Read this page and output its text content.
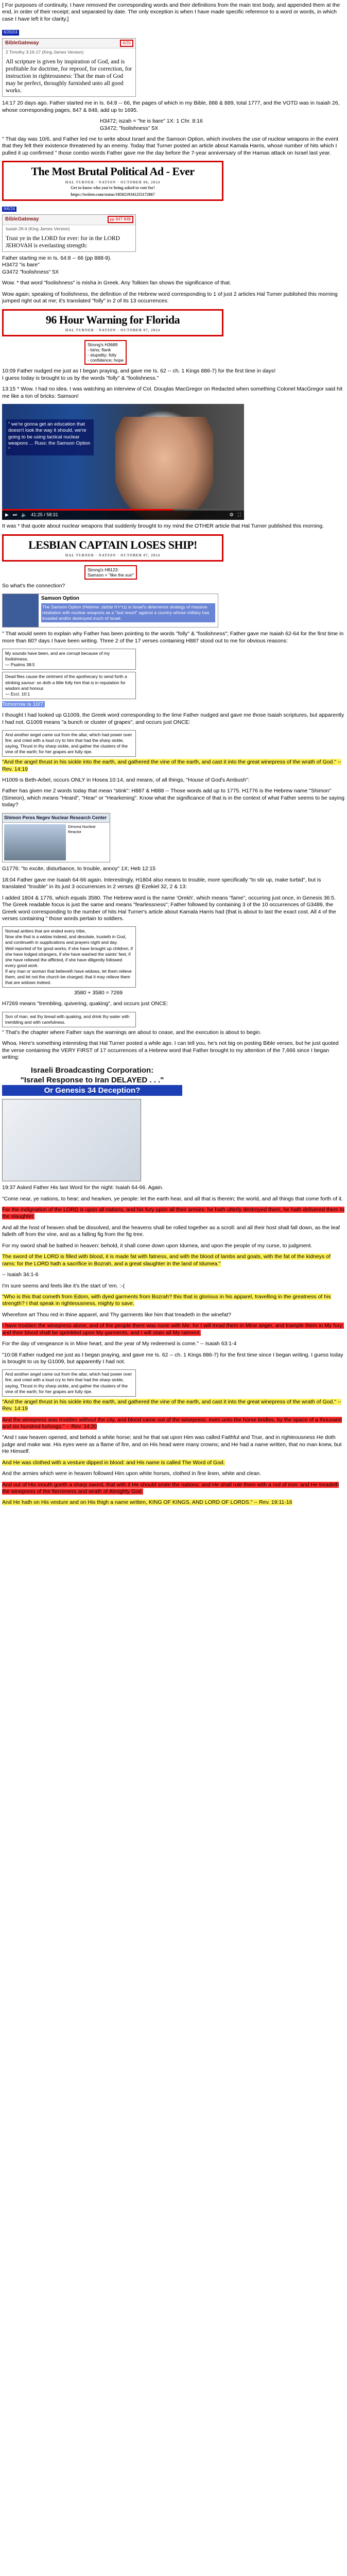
[ For purposes of continuity, I have removed the corresponding words and their definitions from the main text body, and appended them at the end, in order of their receipt; and separated by date. The only exception is when I have made specific reference to a word or words, in which case I have left it for clarity.]

6/20/24
BibleGateway	6/20
2 Timothy 3:16-17 (King James Version)
All scripture is given by inspiration of God, and is profitable for doctrine, for reproof, for correction, for instruction in righteousness: That the man of God may be perfect, throughly furnished unto all good works.

14:17 20 days ago. Father started me in Is. 64:8 -- 66, the pages of which in my Bible, 888 & 889, total 1777, and the VOTD was in Isaiah 26, whose corresponding pages, 847 & 848, add up to 1695.

H3472; iszah = "he is bare" 1X: 1 Chr. 8:16
G3472; "foolishness" 5X

" That day was 10/6, and Father led me to write about Israel and the Samson Option, which involves the use of nuclear weapons in the event that they felt their existence threatened by an enemy. Today that Turner posted an article about Kamala Harris, whose number of hits which I pulled it up confirmed " those combo words Father gave me the day before the 7-year anniversary of the Hamas attack on Israel last year.

The Most Brutal Political Ad - Ever
HAL TURNER · NATION · OCTOBER 06, 2024
Get to know who you're being asked to vote for!
https://twitter.com/status/1850219341255172867
9/6/24
BibleGateway	pp 847-848
Isaiah 26:4 (King James Version)
Trust ye in the LORD for ever: for in the LORD JEHOVAH is everlasting strength:

Father starting me in Is. 64:8 -- 66 (pp 888-9).
H3472 "is bare"
G3472 "foolishness" 5X

Wow. * that word "foolishness" is misha in Greek. Any Tolkien fan shows the significance of that.

Wow again; speaking of foolishness, the definition of the Hebrew word corresponding to 1 of just 2 articles Hal Turner published this morning jumped right out at me; it's translated "folly" in 2 of its 13 occurrences:

96 Hour Warning for Florida
HAL TURNER · NATION · OCTOBER 07, 2024
Strong's H3689
- loins; flank
- stupidity; folly
- confidence; hope

10:09 Father nudged me just as I began praying, and gave me Is. 62 -- ch. 1 Kings 886-7) for the first time in days!
I guess today is brought to us by the words "folly" & "foolishness."

13:15 * Wow. I had no idea. I was watching an interview of Col. Douglas MacGregor on Redacted when something Colonel MacGregor said hit me like a ton of bricks: Samson!

" we're gonna get an education that doesn't look the way it should, we're going to be using tactical nuclear weapons ... Russ: the Samson Option "
▶ ⏭ 🔈 41:25 / 58:31	⚙ ⛶

It was * that quote about nuclear weapons that suddenly brought to my mind the OTHER article that Hal Turner published this morning.

LESBIAN CAPTAIN LOSES SHIP!
HAL TURNER · NATION · OCTOBER 07, 2024
Strong's H8123:
Samson = "like the sun"

So what's the connection?

Samson Option
The Samson Option (Hebrew: ברירת שמשון) is Israel's deterrence strategy of massive retaliation with nuclear weapons as a "last resort" against a country whose military has invaded and/or destroyed much of Israel.

" That would seem to explain why Father has been pointing to the words "folly" & "foolishness"; Father gave me Isaiah 62-64 for the first time in more than 80? days I have been writing. Three 2 of the 17 verses containing H887 stood out to me for obvious reasons:

My sounds have been, and are corrupt because of my foolishness.
— Psalms 38:5
Dead flies cause the ointment of the apothecary to send forth a stinking savour: so doth a little folly him that is in reputation for wisdom and honour.
— Eccl. 10:1

Tomorrow is 10/7.

I thought I had looked up G1009, the Greek word corresponding to the time Father nudged and gave me those Isaiah scriptures, but apparently I had not. G1009 means "a bunch or cluster of grapes", and occurs just ONCE:

And another angel came out from the altar, which had power over fire; and cried with a loud cry to him that had the sharp sickle, saying, Thrust in thy sharp sickle, and gather the clusters of the vine of the earth; for her grapes are fully ripe.

"And the angel thrust in his sickle into the earth, and gathered the vine of the earth, and cast it into the great winepress of the wrath of God." -- Rev. 14:19

H1009 is Beth-Arbel, occurs ONLY in Hosea 10:14, and means, of all things, "House of God's Ambush":

Father has given me 2 words today that mean "stink": H887 & H888 -- Those words add up to 1775. H1776 is the Hebrew name "Shimon" (Simeon), which means "Heard", "Hear" or "Hearkening". Know what the significance of that is in the context of what Father seems to be saying today?

Shimon Peres Negev Nuclear Research Center
Dimona Nuclear Reactor

G1776: "to excite, disturbance, to trouble, annoy" 1X; Heb 12:15

18:04 Father gave me Isaiah 64-66 again. Interestingly, H1804 also means to trouble, more specifically "to stir up, make turbid", but is translated "trouble" in its just 3 occurrences in 2 verses @ Ezekiel 32, 2 & 13:

I added 1804 & 1776, which equals 3580. The Hebrew word is the name 'Orekh', which means "fame", occurring just once, in Genesis 36:5. The Greek readable focus is just the same and means "fearlessness"; Father followed by containing 3 of the 10 occurrences of G3489, the Greek word corresponding to the number of hits Hal Turner's article about Kamala Harris had (that is about to last the exact cost. All 4 of the verses containing " those words pertain to soldiers.

Nomad antlers that are ended every tribe,

Now she that is a widow indeed, and desolate, trusteth in God, and continueth in supplications and prayers night and day.

Well reported of for good works; if she have brought up children, if she have lodged strangers, if she have washed the saints' feet, if she have relieved the afflicted, if she have diligently followed every good work.

If any man or woman that believeth have widows, let them relieve them, and let not the church be charged; that it may relieve them that are widows indeed.

3580 + 3580 = 7269

H7269 means "trembling, quivering, quaking", and occurs just ONCE:

Son of man, eat thy bread with quaking, and drink thy water with trembling and with carefulness.

" That's the chapter where Father says the warnings are about to cease, and the execution is about to begin.

Whoa. Here's something interesting that Hal Turner posted a while ago. I can tell you, he's not big on posting Bible verses, but he just quoted the verse containing the VERY FIRST of 17 occurrences of a Hebrew word that Father brought to my attention of the 7,666 since I began writing:

Israeli Broadcasting Corporation:
"Israel Response to Iran DELAYED . . ."
Or Genesis 34 Deception?

19:37 Asked Father His last Word for the night: Isaiah 64-66. Again.

"Come near, ye nations, to hear; and hearken, ye people: let the earth hear, and all that is therein; the world, and all things that come forth of it.

For the indignation of the LORD is upon all nations, and his fury upon all their armies: he hath utterly destroyed them, he hath delivered them to the slaughter.

And all the host of heaven shall be dissolved, and the heavens shall be rolled together as a scroll: and all their host shall fall down, as the leaf falleth off from the vine, and as a falling fig from the fig tree.

For my sword shall be bathed in heaven: behold, it shall come down upon Idumea, and upon the people of my curse, to judgment.

The sword of the LORD is filled with blood, it is made fat with fatness, and with the blood of lambs and goats, with the fat of the kidneys of rams: for the LORD hath a sacrifice in Bozrah, and a great slaughter in the land of Idumea."

-- Isaiah 34:1-6

I'm sure seems and feels like it's the start of 'em. :-(

"Who is this that cometh from Edom, with dyed garments from Bozrah? this that is glorious in his apparel, travelling in the greatness of his strength? I that speak in righteousness, mighty to save.

Wherefore art Thou red in thine apparel, and Thy garments like him that treadeth in the winefat?

I have trodden the winepress alone; and of the people there was none with Me: for I will tread them in Mine anger, and trample them in My fury; and their blood shall be sprinkled upon My garments, and I will stain all My raiment.

For the day of vengeance is in Mine heart, and the year of My redeemed is come." -- Isaiah 63:1-4

"10:08 Father nudged me just as I began praying, and gave me Is. 62 -- ch. 1 Kings 886-7) for the first time since I began writing. I guess today is brought to us by G1009, but apparently I had not.

And another angel came out from the altar, which had power over fire; and cried with a loud cry to him that had the sharp sickle, saying, Thrust in thy sharp sickle, and gather the clusters of the vine of the earth; for her grapes are fully ripe.

"And the angel thrust in his sickle into the earth, and gathered the vine of the earth, and cast it into the great winepress of the wrath of God." -- Rev. 14:19

And the winepress was trodden without the city, and blood came out of the winepress, even unto the horse bridles, by the space of a thousand and six hundred furlongs." -- Rev. 14:20

"And I saw heaven opened, and behold a white horse; and he that sat upon Him was called Faithful and True, and in righteousness He doth judge and make war. His eyes were as a flame of fire, and on His head were many crowns; and He had a name written, that no man knew, but He Himself.

And He was clothed with a vesture dipped in blood: and His name is called The Word of God.

And the armies which were in heaven followed Him upon white horses, clothed in fine linen, white and clean.

And out of His mouth goeth a sharp sword, that with it He should smite the nations: and He shall rule them with a rod of iron: and He treadeth the winepress of the fierceness and wrath of Almighty God.

And He hath on His vesture and on His thigh a name written, KING OF KINGS, AND LORD OF LORDS." -- Rev. 19:11-16
